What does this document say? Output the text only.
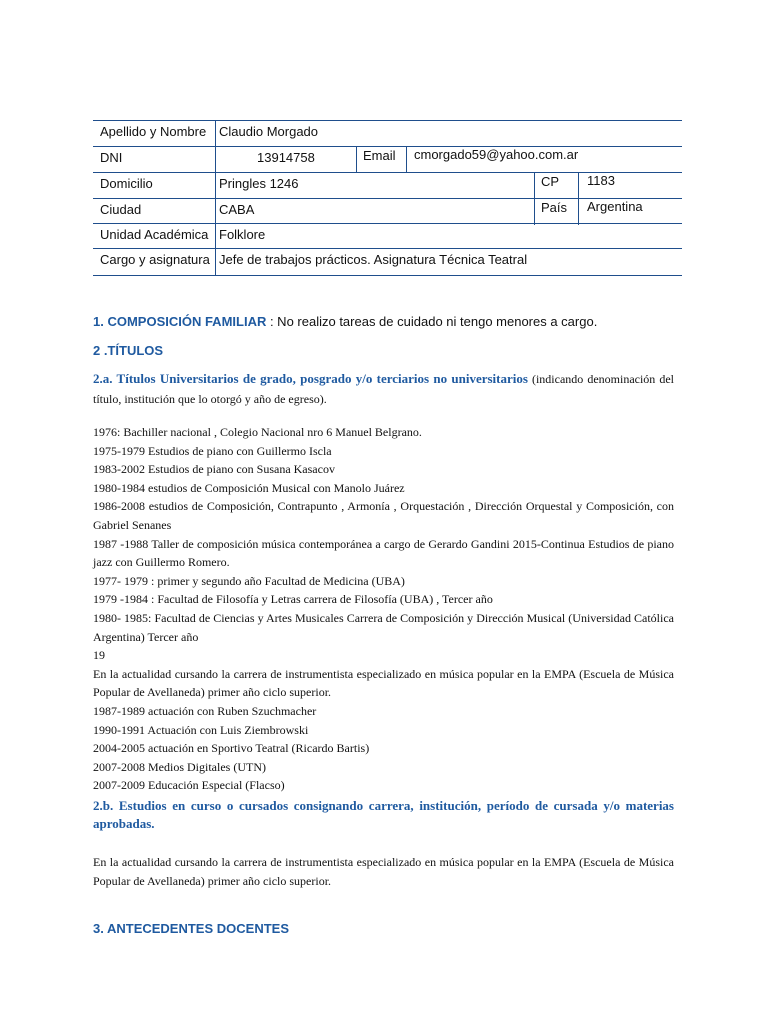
Apellido y Nombre Claudio Morgado
DNI	13914758	Email cmorgado59@yahoo.com.ar
Domicilio	Pringles 1246	CP 1183
Ciudad	CABA	País Argentina
Unidad Académica Folklore
Cargo y asignatura Jefe de trabajos prácticos. Asignatura Técnica Teatral
1. COMPOSICIÓN FAMILIAR : No realizo tareas de cuidado ni tengo menores a cargo.
2 .TÍTULOS
2.a. Títulos Universitarios de grado, posgrado y/o terciarios no universitarios (indicando denominación del título, institución que lo otorgó y año de egreso).
1976: Bachiller nacional , Colegio Nacional nro 6 Manuel Belgrano.
1975-1979 Estudios de piano con Guillermo Iscla
1983-2002 Estudios de piano con Susana Kasacov
1980-1984 estudios de Composición Musical con Manolo Juárez
1986-2008 estudios de Composición, Contrapunto , Armonía , Orquestación , Dirección Orquestal y Composición, con Gabriel Senanes
1987 -1988 Taller de composición música contemporánea a cargo de Gerardo Gandini 2015-Continua Estudios de piano jazz con Guillermo Romero.
1977- 1979 : primer y segundo año Facultad de Medicina (UBA)
1979 -1984 : Facultad de Filosofía y Letras carrera de Filosofía (UBA) , Tercer año
1980- 1985: Facultad de Ciencias y Artes Musicales Carrera de Composición y Dirección Musical (Universidad Católica Argentina) Tercer año
19
En la actualidad cursando la carrera de instrumentista especializado en música popular en la EMPA (Escuela de Música Popular de Avellaneda) primer año ciclo superior.
1987-1989 actuación con Ruben Szuchmacher
1990-1991 Actuación con Luis Ziembrowski
2004-2005 actuación en Sportivo Teatral (Ricardo Bartis)
2007-2008 Medios Digitales (UTN)
2007-2009 Educación Especial (Flacso)
2.b. Estudios en curso o cursados consignando carrera, institución, período de cursada y/o materias aprobadas.
En la actualidad cursando la carrera de instrumentista especializado en música popular en la EMPA (Escuela de Música Popular de Avellaneda) primer año ciclo superior.
3. ANTECEDENTES DOCENTES
